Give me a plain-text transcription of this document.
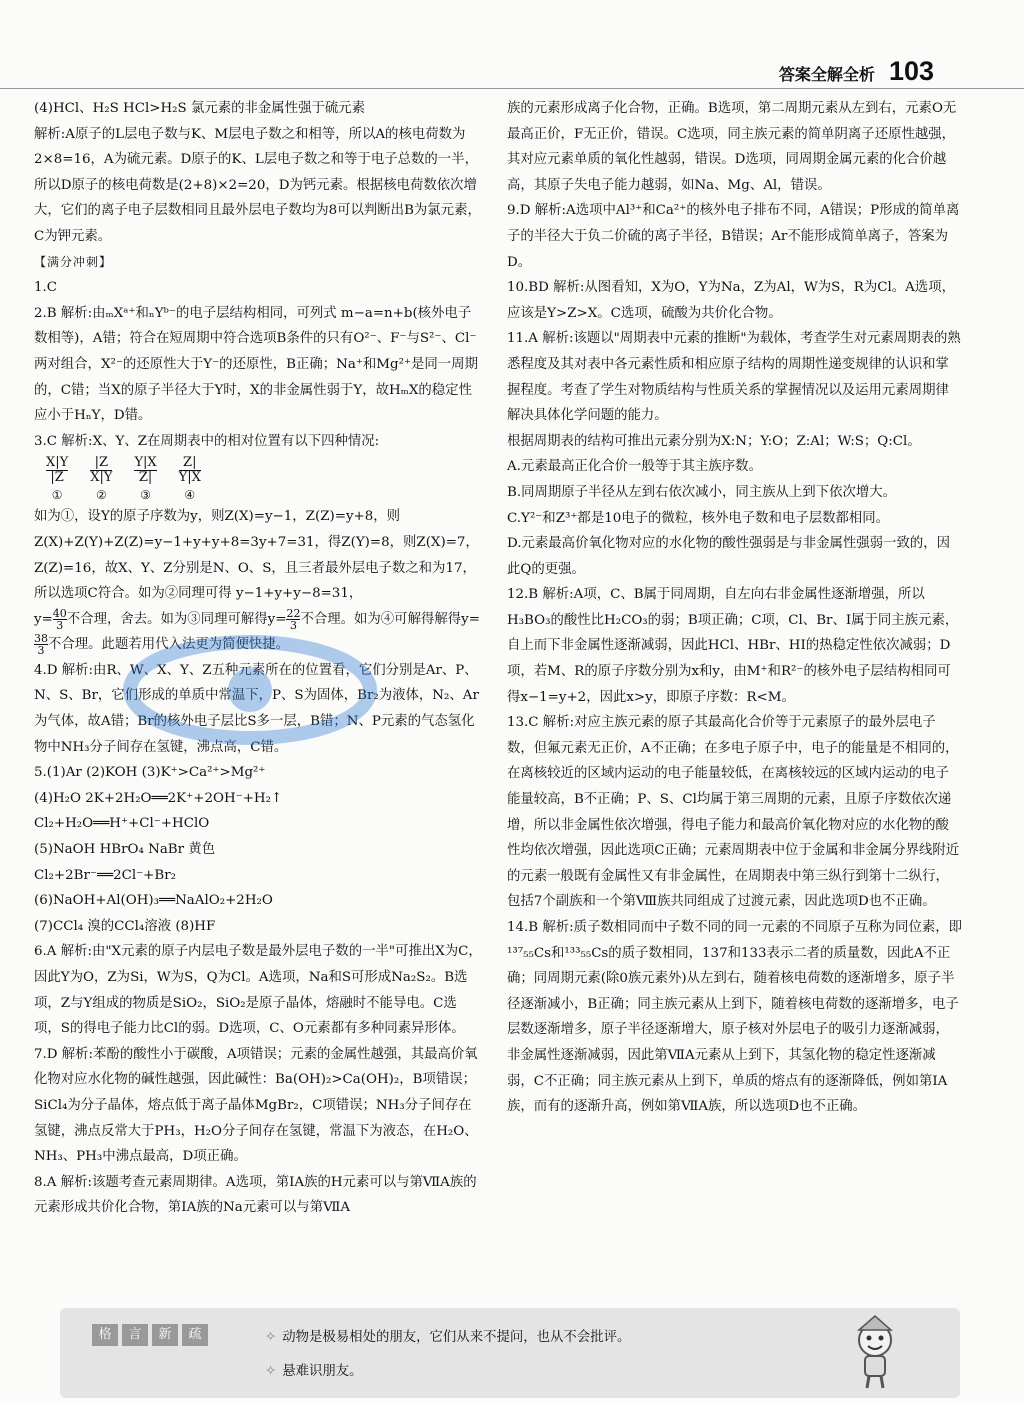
答案全解全析 103

(4)HCl、H₂S HCl>H₂S 氯元素的非金属性强于硫元素

解析:A原子的L层电子数与K、M层电子数之和相等，所以A的核电荷数为2×8=16，A为硫元素。D原子的K、L层电子数之和等于电子总数的一半，所以D原子的核电荷数是(2+8)×2=20，D为钙元素。根据核电荷数依次增大，它们的离子电子层数相同且最外层电子数均为8可以判断出B为氯元素，C为钾元素。

【满分冲刺】

1.C

2.B 解析:由ₘXᵃ⁺和ₙYᵇ⁻的电子层结构相同，可列式 m−a=n+b(核外电子数相等)，A错；符合在短周期中符合选项B条件的只有O²⁻、F⁻与S²⁻、Cl⁻两对组合，X²⁻的还原性大于Y⁻的还原性，B正确；Na⁺和Mg²⁺是同一周期的，C错；当X的原子半径大于Y时，X的非金属性弱于Y，故HₘX的稳定性应小于HₙY，D错。

3.C 解析:X、Y、Z在周期表中的相对位置有以下四种情况:

X|Y
|Z
①
|Z
X|Y
②
Y|X
Z|
③
Z|
Y|X
④

如为①，设Y的原子序数为y，则Z(X)=y−1，Z(Z)=y+8，则Z(X)+Z(Y)+Z(Z)=y−1+y+y+8=3y+7=31，得Z(Y)=8，则Z(X)=7，Z(Z)=16，故X、Y、Z分别是N、O、S，且三者最外层电子数之和为17，所以选项C符合。如为②同理可得 y−1+y+y−8=31，

$y= \frac{40}{3}$ 不合理，舍去。如为③同理可解得$y= \frac{22}{3}$ 不合理。如为④可解得解得y=
$\frac{38}{3}$ 不合理。此题若用代入法更为简便快捷。

4.D 解析:由R、W、X、Y、Z五种元素所在的位置看，它们分别是Ar、P、N、S、Br，它们形成的单质中常温下，P、S为固体，Br₂为液体，N₂、Ar为气体，故A错；Br的核外电子层比S多一层，B错；N、P元素的气态氢化物中NH₃分子间存在氢键，沸点高，C错。

5.(1)Ar (2)KOH (3)K⁺>Ca²⁺>Mg²⁺

(4)H₂O 2K+2H₂O══2K⁺+2OH⁻+H₂↑

Cl₂+H₂O══H⁺+Cl⁻+HClO

(5)NaOH HBrO₄ NaBr 黄色

Cl₂+2Br⁻══2Cl⁻+Br₂

(6)NaOH+Al(OH)₃══NaAlO₂+2H₂O

(7)CCl₄ 溴的CCl₄溶液 (8)HF

6.A 解析:由"X元素的原子内层电子数是最外层电子数的一半"可推出X为C，因此Y为O，Z为Si，W为S，Q为Cl。A选项，Na和S可形成Na₂S₂。B选项，Z与Y组成的物质是SiO₂，SiO₂是原子晶体，熔融时不能导电。C选项，S的得电子能力比Cl的弱。D选项，C、O元素都有多种同素异形体。

7.D 解析:苯酚的酸性小于碳酸，A项错误；元素的金属性越强，其最高价氧化物对应水化物的碱性越强，因此碱性：Ba(OH)₂>Ca(OH)₂，B项错误；SiCl₄为分子晶体，熔点低于离子晶体MgBr₂，C项错误；NH₃分子间存在氢键，沸点反常大于PH₃，H₂O分子间存在氢键，常温下为液态，在H₂O、NH₃、PH₃中沸点最高，D项正确。

8.A 解析:该题考查元素周期律。A选项，第ⅠA族的H元素可以与第ⅦA族的元素形成共价化合物，第ⅠA族的Na元素可以与第ⅦA

族的元素形成离子化合物，正确。B选项，第二周期元素从左到右，元素O无最高正价，F无正价，错误。C选项，同主族元素的简单阴离子还原性越强，其对应元素单质的氧化性越弱，错误。D选项，同周期金属元素的化合价越高，其原子失电子能力越弱，如Na、Mg、Al，错误。

9.D 解析:A选项中Al³⁺和Ca²⁺的核外电子排布不同，A错误；P形成的简单离子的半径大于负二价硫的离子半径，B错误；Ar不能形成简单离子，答案为D。

10.BD 解析:从图看知，X为O，Y为Na，Z为Al，W为S，R为Cl。A选项，应该是Y>Z>X。C选项，硫酸为共价化合物。

11.A 解析:该题以"周期表中元素的推断"为载体，考查学生对元素周期表的熟悉程度及其对表中各元素性质和相应原子结构的周期性递变规律的认识和掌握程度。考查了学生对物质结构与性质关系的掌握情况以及运用元素周期律解决具体化学问题的能力。

根据周期表的结构可推出元素分别为X:N；Y:O；Z:Al；W:S；Q:Cl。

A.元素最高正化合价一般等于其主族序数。

B.同周期原子半径从左到右依次减小，同主族从上到下依次增大。

C.Y²⁻和Z³⁺都是10电子的微粒，核外电子数和电子层数都相同。

D.元素最高价氧化物对应的水化物的酸性强弱是与非金属性强弱一致的，因此Q的更强。

12.B 解析:A项，C、B属于同周期，自左向右非金属性逐渐增强，所以H₃BO₃的酸性比H₂CO₃的弱；B项正确；C项，Cl、Br、I属于同主族元素，自上而下非金属性逐渐减弱，因此HCl、HBr、HI的热稳定性依次减弱；D项，若M、R的原子序数分别为x和y，由M⁺和R²⁻的核外电子层结构相同可得x−1=y+2，因此x>y，即原子序数：R<M。

13.C 解析:对应主族元素的原子其最高化合价等于元素原子的最外层电子数，但氟元素无正价，A不正确；在多电子原子中，电子的能量是不相同的，在离核较近的区域内运动的电子能量较低，在离核较远的区域内运动的电子能量较高，B不正确；P、S、Cl均属于第三周期的元素，且原子序数依次递增，所以非金属性依次增强，得电子能力和最高价氧化物对应的水化物的酸性均依次增强，因此选项C正确；元素周期表中位于金属和非金属分界线附近的元素一般既有金属性又有非金属性，在周期表中第三纵行到第十二纵行，包括7个副族和一个第Ⅷ族共同组成了过渡元素，因此选项D也不正确。

14.B 解析:质子数相同而中子数不同的同一元素的不同原子互称为同位素，即¹³⁷₅₅Cs和¹³³₅₅Cs的质子数相同，137和133表示二者的质量数，因此A不正确；同周期元素(除0族元素外)从左到右，随着核电荷数的逐渐增多，原子半径逐渐减小，B正确；同主族元素从上到下，随着核电荷数的逐渐增多，电子层数逐渐增多，原子半径逐渐增大，原子核对外层电子的吸引力逐渐减弱，非金属性逐渐减弱，因此第ⅦA元素从上到下，其氢化物的稳定性逐渐减弱，C不正确；同主族元素从上到下，单质的熔点有的逐渐降低，例如第ⅠA族，而有的逐渐升高，例如第ⅦA族，所以选项D也不正确。

格	言	新	疏	✧ 动物是极易相处的朋友，它们从来不提问，也从不会批评。
✧ 悬难识朋友。
